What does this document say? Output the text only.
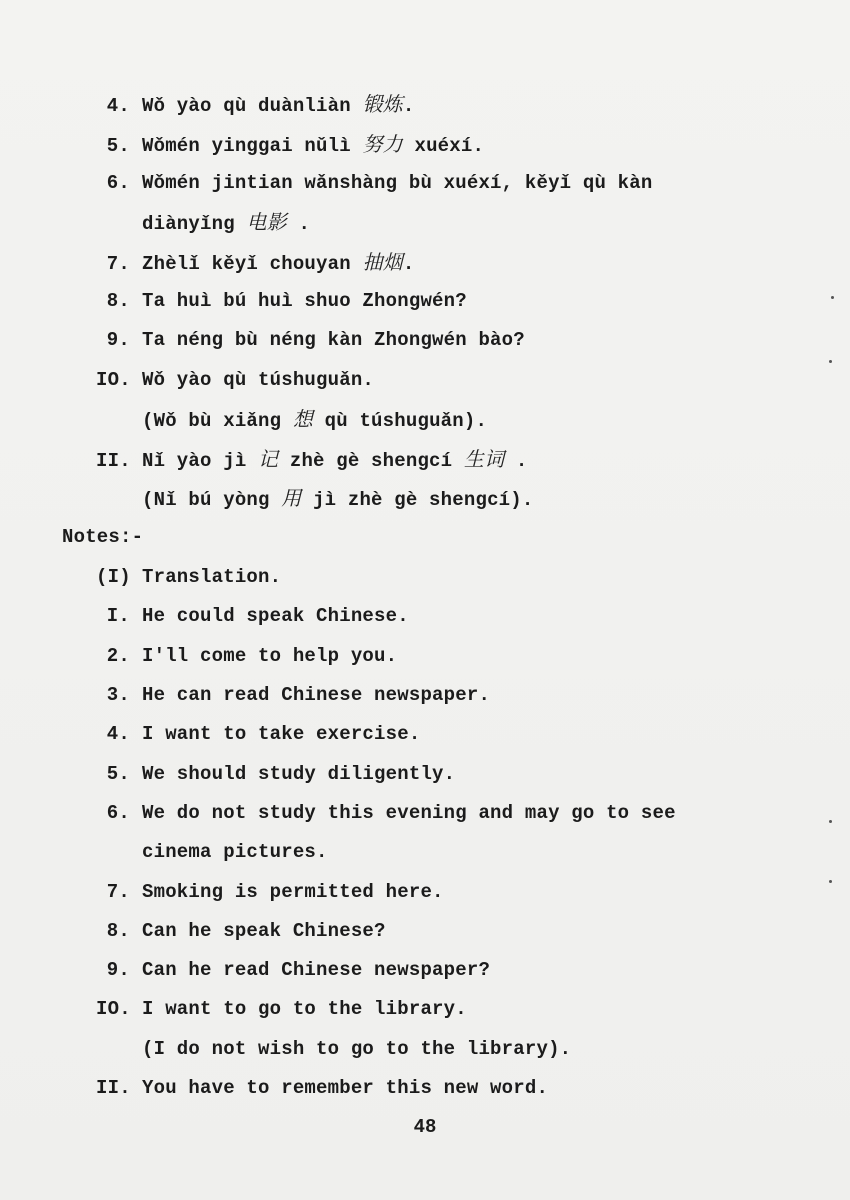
4. Wǒ yào qù duànliàn 锻炼.
5. Wǒmén yinggai nǔlì 努力 xuéxí.
6. Wǒmén jintian wǎnshàng bù xuéxí, kěyǐ qù kàn
diànyǐng 电影 .
7. Zhèlǐ kěyǐ chouyan 抽烟.
8. Ta huì bú huì shuo Zhongwén?
9. Ta néng bù néng kàn Zhongwén bào?
IO. Wǒ yào qù túshuguǎn.
(Wǒ bù xiǎng 想 qù túshuguǎn).
II. Nǐ yào jì 记 zhè gè shengcí 生词 .
(Nǐ bú yòng 用 jì zhè gè shengcí).
Notes:-
(I) Translation.
I. He could speak Chinese.
2. I'll come to help you.
3. He can read Chinese newspaper.
4. I want to take exercise.
5. We should study diligently.
6. We do not study this evening and may go to see
cinema pictures.
7. Smoking is permitted here.
8. Can he speak Chinese?
9. Can he read Chinese newspaper?
IO. I want to go to the library.
(I do not wish to go to the library).
II. You have to remember this new word.
48
